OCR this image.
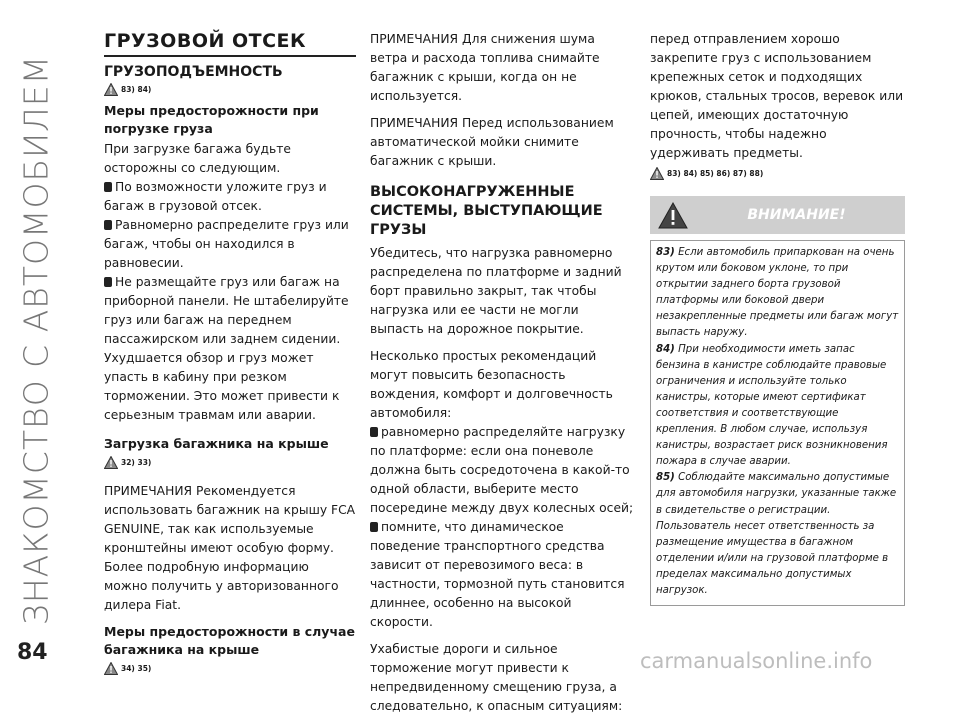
ЗНАКОМСТВО С АВТОМОБИЛЕМ
84
ГРУЗОВОЙ ОТСЕК
ГРУЗОПОДЪЕМНОСТЬ
83) 84)
Меры предосторожности при погрузке груза

При загрузке багажа будьте осторожны со следующим.

По возможности уложите груз и багаж в грузовой отсек.

Равномерно распределите груз или багаж, чтобы он находился в равновесии.

Не размещайте груз или багаж на приборной панели. Не штабелируйте груз или багаж на переднем пассажирском или заднем сидении.

Ухудшается обзор и груз может упасть в кабину при резком торможении. Это может привести к серьезным травмам или аварии.

Загрузка багажника на крыше
32) 33)

ПРИМЕЧАНИЯ Рекомендуется использовать багажник на крышу FCA GENUINE, так как используемые кронштейны имеют особую форму. Более подробную информацию можно получить у авторизованного дилера Fiat.

Меры предосторожности в случае багажника на крыше
34) 35)

ПРИМЕЧАНИЯ Для снижения шума ветра и расхода топлива снимайте багажник с крыши, когда он не используется.

ПРИМЕЧАНИЯ Перед использованием автоматической мойки снимите багажник с крыши.

ВЫСОКОНАГРУЖЕННЫЕ СИСТЕМЫ, ВЫСТУПАЮЩИЕ ГРУЗЫ

Убедитесь, что нагрузка равномерно распределена по платформе и задний борт правильно закрыт, так чтобы нагрузка или ее части не могли выпасть на дорожное покрытие.

Несколько простых рекомендаций могут повысить безопасность вождения, комфорт и долговечность автомобиля:

равномерно распределяйте нагрузку по платформе: если она поневоле должна быть сосредоточена в какой-то одной области, выберите место посередине между двух колесных осей;

помните, что динамическое поведение транспортного средства зависит от перевозимого веса: в частности, тормозной путь становится длиннее, особенно на высокой скорости.

Ухабистые дороги и сильное торможение могут привести к непредвиденному смещению груза, а следовательно, к опасным ситуациям:

перед отправлением хорошо закрепите груз с использованием крепежных сеток и подходящих крюков, стальных тросов, веревок или цепей, имеющих достаточную прочность, чтобы надежно удерживать предметы.

83) 84) 85) 86) 87) 88)
ВНИМАНИЕ!

83) Если автомобиль припаркован на очень крутом или боковом уклоне, то при открытии заднего борта грузовой платформы или боковой двери незакрепленные предметы или багаж могут выпасть наружу.

84) При необходимости иметь запас бензина в канистре соблюдайте правовые ограничения и используйте только канистры, которые имеют сертификат соответствия и соответствующие крепления. В любом случае, используя канистры, возрастает риск возникновения пожара в случае аварии.

85) Соблюдайте максимально допустимые для автомобиля нагрузки, указанные также в свидетельстве о регистрации.

Пользователь несет ответственность за размещение имущества в багажном отделении и/или на грузовой платформе в пределах максимально допустимых нагрузок.

carmanualsonline.info
